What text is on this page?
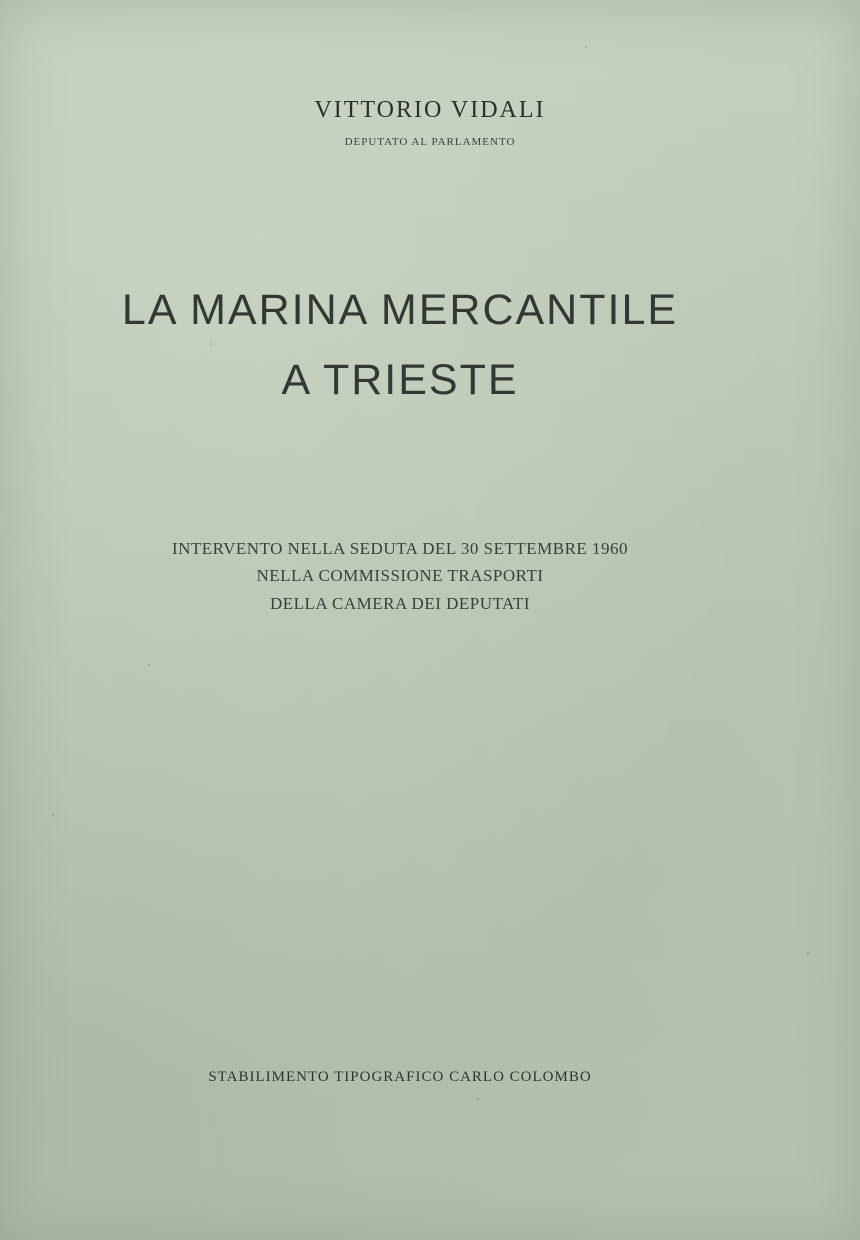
VITTORIO VIDALI

DEPUTATO AL PARLAMENTO

LA MARINA MERCANTILE
A TRIESTE

INTERVENTO NELLA SEDUTA DEL 30 SETTEMBRE 1960

NELLA COMMISSIONE TRASPORTI

DELLA CAMERA DEI DEPUTATI

STABILIMENTO TIPOGRAFICO CARLO COLOMBO
